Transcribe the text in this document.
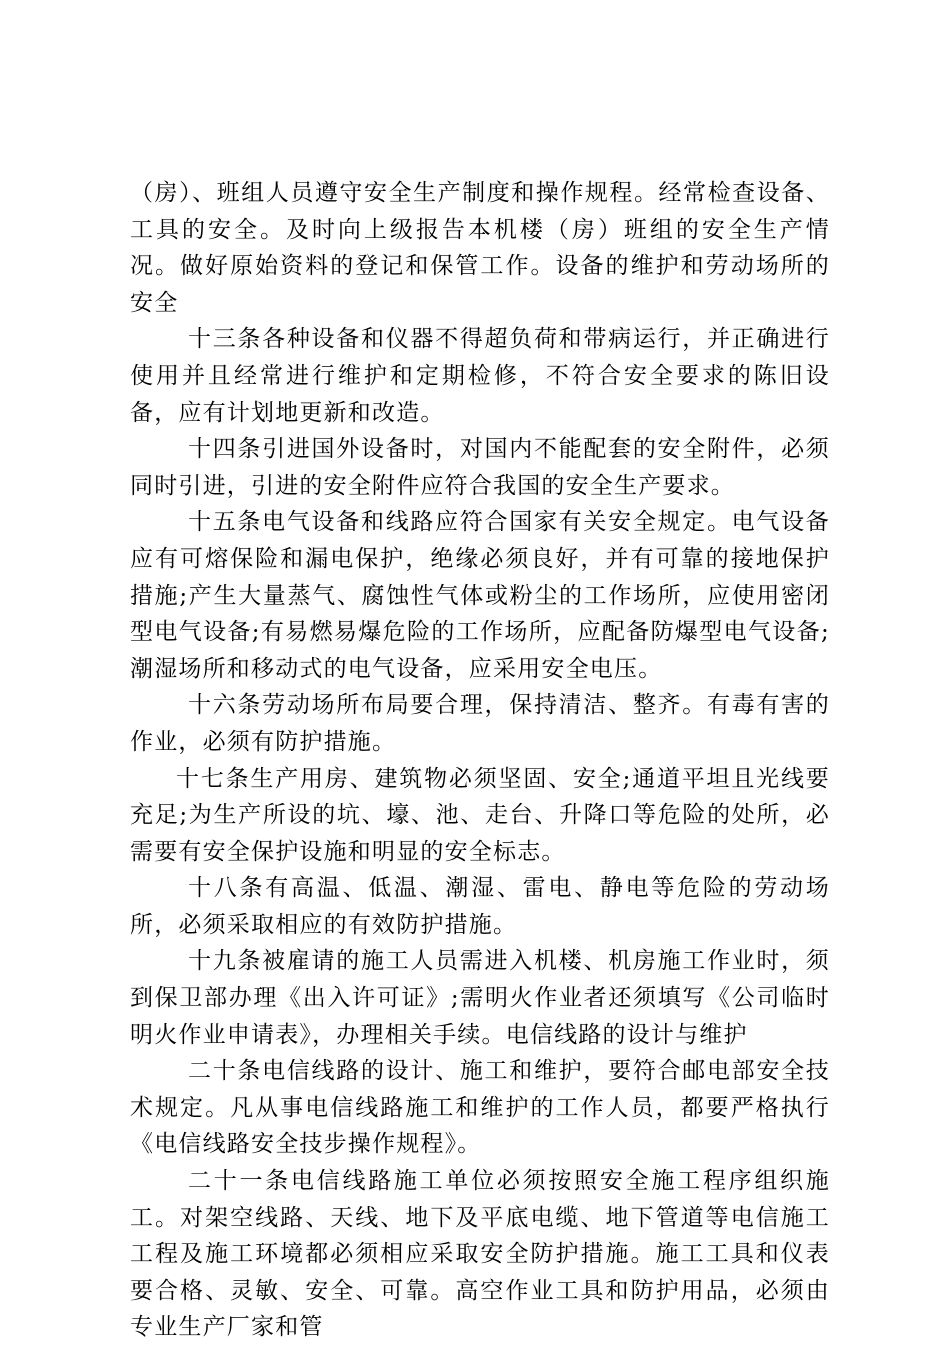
（房）、班组人员遵守安全生产制度和操作规程。经常检查设备、工具的安全。及时向上级报告本机楼（房）班组的安全生产情况。做好原始资料的登记和保管工作。设备的维护和劳动场所的安全

十三条各种设备和仪器不得超负荷和带病运行，并正确进行使用并且经常进行维护和定期检修，不符合安全要求的陈旧设备，应有计划地更新和改造。

十四条引进国外设备时，对国内不能配套的安全附件，必须同时引进，引进的安全附件应符合我国的安全生产要求。

十五条电气设备和线路应符合国家有关安全规定。电气设备应有可熔保险和漏电保护，绝缘必须良好，并有可靠的接地保护措施;产生大量蒸气、腐蚀性气体或粉尘的工作场所，应使用密闭型电气设备;有易燃易爆危险的工作场所，应配备防爆型电气设备;潮湿场所和移动式的电气设备，应采用安全电压。

十六条劳动场所布局要合理，保持清洁、整齐。有毒有害的作业，必须有防护措施。

十七条生产用房、建筑物必须坚固、安全;通道平坦且光线要充足;为生产所设的坑、壕、池、走台、升降口等危险的处所，必需要有安全保护设施和明显的安全标志。

十八条有高温、低温、潮湿、雷电、静电等危险的劳动场所，必须采取相应的有效防护措施。

十九条被雇请的施工人员需进入机楼、机房施工作业时，须到保卫部办理《出入许可证》;需明火作业者还须填写《公司临时明火作业申请表》，办理相关手续。电信线路的设计与维护

二十条电信线路的设计、施工和维护，要符合邮电部安全技术规定。凡从事电信线路施工和维护的工作人员，都要严格执行《电信线路安全技步操作规程》。

二十一条电信线路施工单位必须按照安全施工程序组织施工。对架空线路、天线、地下及平底电缆、地下管道等电信施工工程及施工环境都必须相应采取安全防护措施。施工工具和仪表要合格、灵敏、安全、可靠。高空作业工具和防护用品，必须由专业生产厂家和管
